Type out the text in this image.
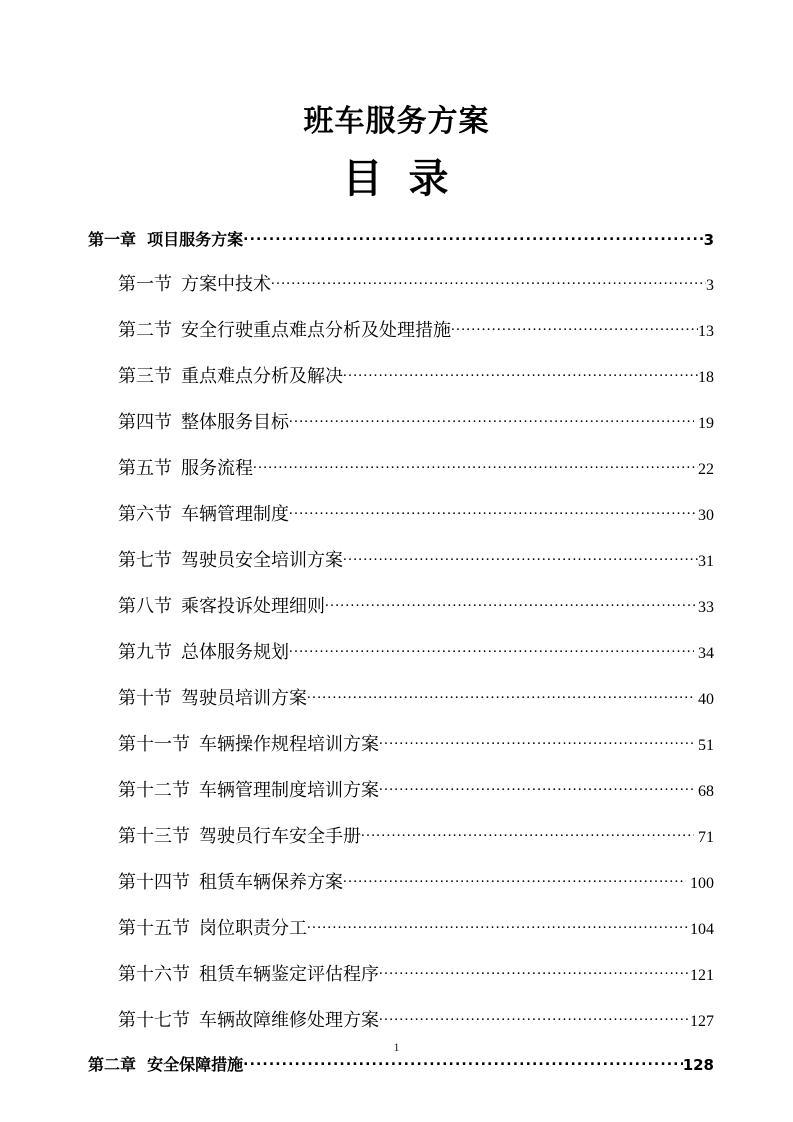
班车服务方案
目  录
第一章  项目服务方案 .....	3
第一节  方案中技术 .....	3
第二节  安全行驶重点难点分析及处理措施 .....	13
第三节  重点难点分析及解决 .....	18
第四节  整体服务目标 .....	19
第五节  服务流程 .....	22
第六节  车辆管理制度 .....	30
第七节  驾驶员安全培训方案 .....	31
第八节  乘客投诉处理细则 .....	33
第九节  总体服务规划 .....	34
第十节  驾驶员培训方案 .....	40
第十一节  车辆操作规程培训方案 .....	51
第十二节  车辆管理制度培训方案 .....	68
第十三节  驾驶员行车安全手册 .....	71
第十四节  租赁车辆保养方案 .....	100
第十五节  岗位职责分工 .....	104
第十六节  租赁车辆鉴定评估程序 .....	121
第十七节  车辆故障维修处理方案 .....	127
第二章  安全保障措施 .....	128
1
